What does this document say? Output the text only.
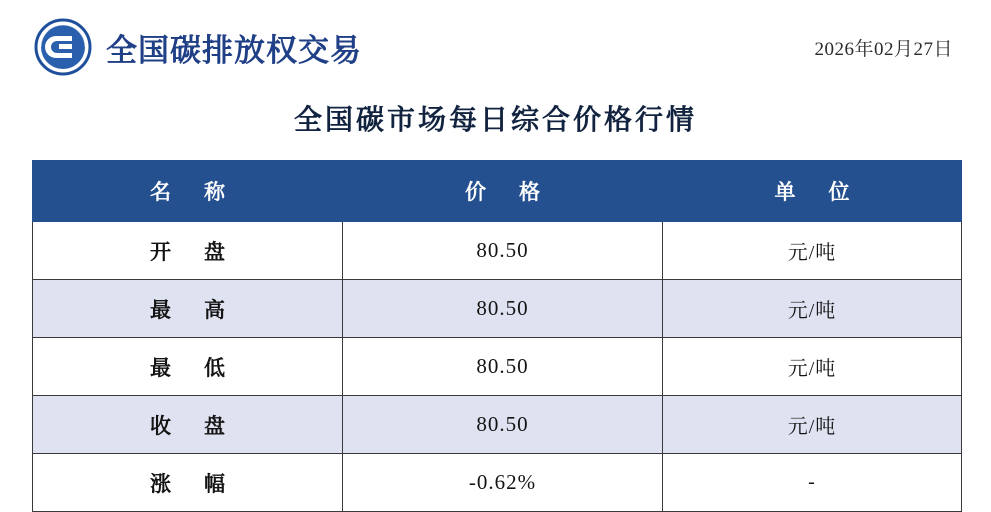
全国碳排放权交易	2026年02月27日
全国碳市场每日综合价格行情
名　称	价　格	单　位
开　盘	80.50	元/吨
最　高	80.50	元/吨
最　低	80.50	元/吨
收　盘	80.50	元/吨
涨　幅	-0.62%	-
